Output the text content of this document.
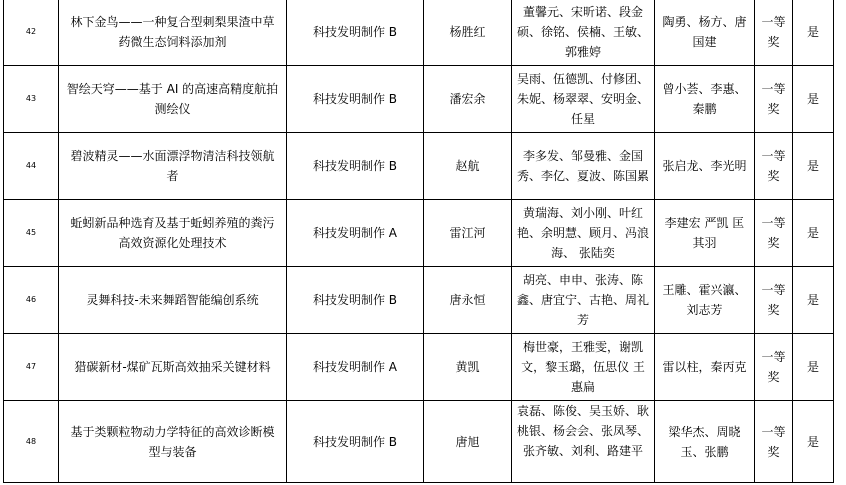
42	林下金鸟——一种复合型刺梨果渣中草药微生态饲料添加剂	科技发明制作 B	杨胜红	董馨元、宋昕诺、段金硕、徐铭、侯楠、王敏、郭雅婷	陶勇、杨方、唐国建	一等奖	是
43	智绘天穹——基于 AI 的高速高精度航拍测绘仪	科技发明制作 B	潘宏余	吴雨、伍德凯、付修团、朱妮、杨翠翠、安明金、任星	曾小荟、李惠、秦鹏	一等奖	是
44	碧波精灵——水面漂浮物清洁科技领航者	科技发明制作 B	赵航	李多发、邹曼雅、金国秀、李亿、夏波、陈国累	张启龙、李光明	一等奖	是
45	蚯蚓新品种选育及基于蚯蚓养殖的粪污高效资源化处理技术	科技发明制作 A	雷江河	黄瑞海、刘小刚、叶红艳、余明慧、顾月、冯浪海、 张陆奕	李建宏 严凯 匡其羽	一等奖	是
46	灵舞科技-未来舞蹈智能编创系统	科技发明制作 B	唐永恒	胡亮、申申、张涛、陈鑫、唐宜宁、古艳、周礼芳	王雕、霍兴瀛、刘志芳	一等奖	是
47	猎碳新材-煤矿瓦斯高效抽采关键材料	科技发明制作 A	黄凯	梅世豪，王雅雯，谢凯文，黎玉璐，伍思仪 王惠扁	雷以柱，秦丙克	一等奖	是
48	基于类颗粒物动力学特征的高效诊断模型与装备	科技发明制作 B	唐旭	袁磊、陈俊、吴玉娇、耿桃银、杨会会、张凤琴、张齐敏、刘利、路建平	梁华杰、周晓玉、张鹏	一等奖	是
